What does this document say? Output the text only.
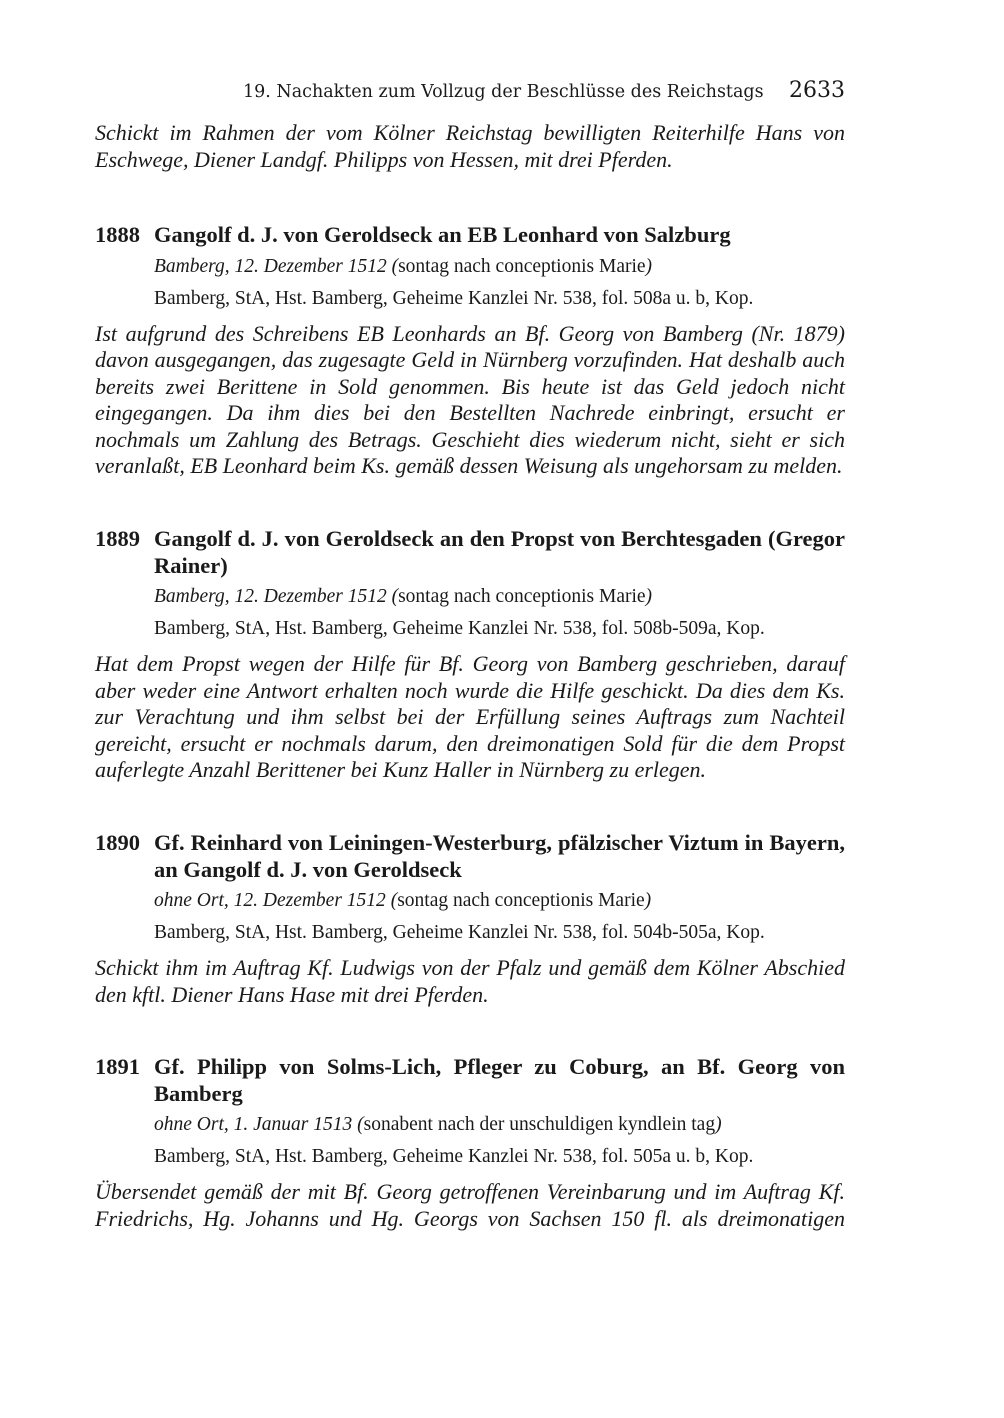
19. Nachakten zum Vollzug der Beschlüsse des Reichstags 2633

Schickt im Rahmen der vom Kölner Reichstag bewilligten Reiterhilfe Hans von Eschwege, Diener Landgf. Philipps von Hessen, mit drei Pferden.

1888 Gangolf d. J. von Geroldseck an EB Leonhard von Salzburg
Bamberg, 12. Dezember 1512 (sontag nach conceptionis Marie)
Bamberg, StA, Hst. Bamberg, Geheime Kanzlei Nr. 538, fol. 508a u. b, Kop.

Ist aufgrund des Schreibens EB Leonhards an Bf. Georg von Bamberg (Nr. 1879) davon ausgegangen, das zugesagte Geld in Nürnberg vorzufinden. Hat deshalb auch bereits zwei Berittene in Sold genommen. Bis heute ist das Geld jedoch nicht eingegangen. Da ihm dies bei den Bestellten Nachrede einbringt, ersucht er nochmals um Zahlung des Betrags. Geschieht dies wiederum nicht, sieht er sich veranlaßt, EB Leonhard beim Ks. gemäß dessen Weisung als ungehorsam zu melden.

1889 Gangolf d. J. von Geroldseck an den Propst von Berchtesgaden (Gregor Rainer)
Bamberg, 12. Dezember 1512 (sontag nach conceptionis Marie)
Bamberg, StA, Hst. Bamberg, Geheime Kanzlei Nr. 538, fol. 508b-509a, Kop.

Hat dem Propst wegen der Hilfe für Bf. Georg von Bamberg geschrieben, darauf aber weder eine Antwort erhalten noch wurde die Hilfe geschickt. Da dies dem Ks. zur Verachtung und ihm selbst bei der Erfüllung seines Auftrags zum Nachteil gereicht, ersucht er nochmals darum, den dreimonatigen Sold für die dem Propst auferlegte Anzahl Berittener bei Kunz Haller in Nürnberg zu erlegen.

1890 Gf. Reinhard von Leiningen-Westerburg, pfälzischer Viztum in Bayern, an Gangolf d. J. von Geroldseck
ohne Ort, 12. Dezember 1512 (sontag nach conceptionis Marie)
Bamberg, StA, Hst. Bamberg, Geheime Kanzlei Nr. 538, fol. 504b-505a, Kop.

Schickt ihm im Auftrag Kf. Ludwigs von der Pfalz und gemäß dem Kölner Abschied den kftl. Diener Hans Hase mit drei Pferden.

1891 Gf. Philipp von Solms-Lich, Pfleger zu Coburg, an Bf. Georg von Bamberg
ohne Ort, 1. Januar 1513 (sonabent nach der unschuldigen kyndlein tag)
Bamberg, StA, Hst. Bamberg, Geheime Kanzlei Nr. 538, fol. 505a u. b, Kop.

Übersendet gemäß der mit Bf. Georg getroffenen Vereinbarung und im Auftrag Kf. Friedrichs, Hg. Johanns und Hg. Georgs von Sachsen 150 fl. als dreimonatigen
